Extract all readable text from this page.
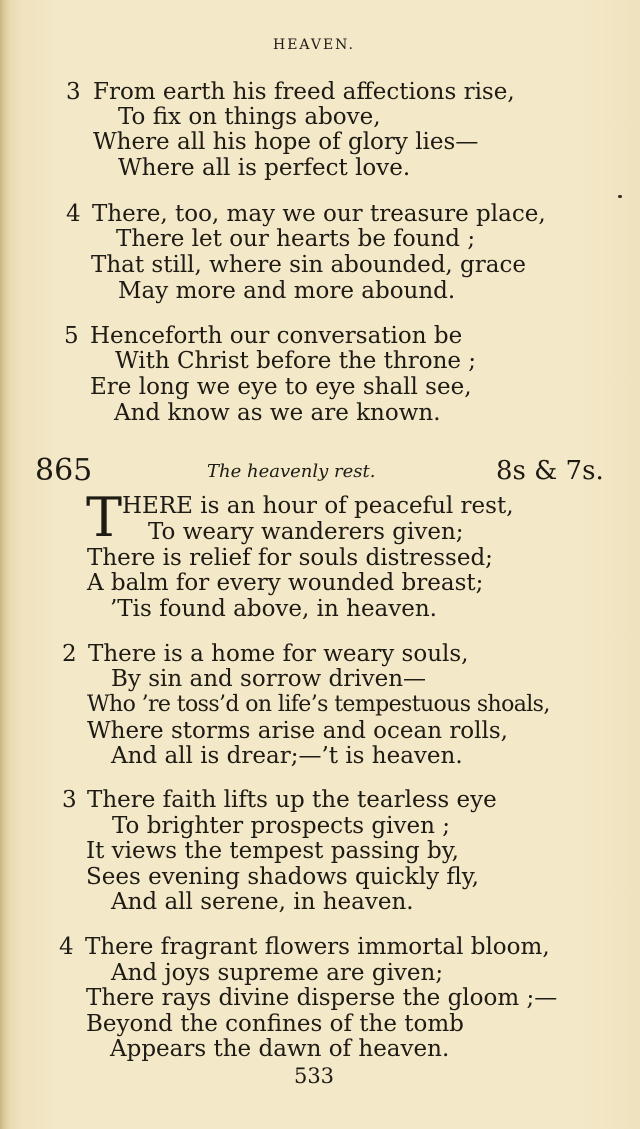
HEAVEN.
3 From earth his freed affections rise,
To fix on things above,
Where all his hope of glory lies—
Where all is perfect love.
4 There, too, may we our treasure place,
There let our hearts be found ;
That still, where sin abounded, grace
May more and more abound.
5 Henceforth our conversation be
With Christ before the throne ;
Ere long we eye to eye shall see,
And know as we are known.
865	The heavenly rest.	8s & 7s.
T HERE is an hour of peaceful rest,
To weary wanderers given;
There is relief for souls distressed;
A balm for every wounded breast;
’Tis found above, in heaven.
2 There is a home for weary souls,
By sin and sorrow driven—
Who ’re toss’d on life’s tempestuous shoals,
Where storms arise and ocean rolls,
And all is drear;—’t is heaven.
3 There faith lifts up the tearless eye
To brighter prospects given ;
It views the tempest passing by,
Sees evening shadows quickly fly,
And all serene, in heaven.
4 There fragrant flowers immortal bloom,
And joys supreme are given;
There rays divine disperse the gloom ;—
Beyond the confines of the tomb
Appears the dawn of heaven.
533
